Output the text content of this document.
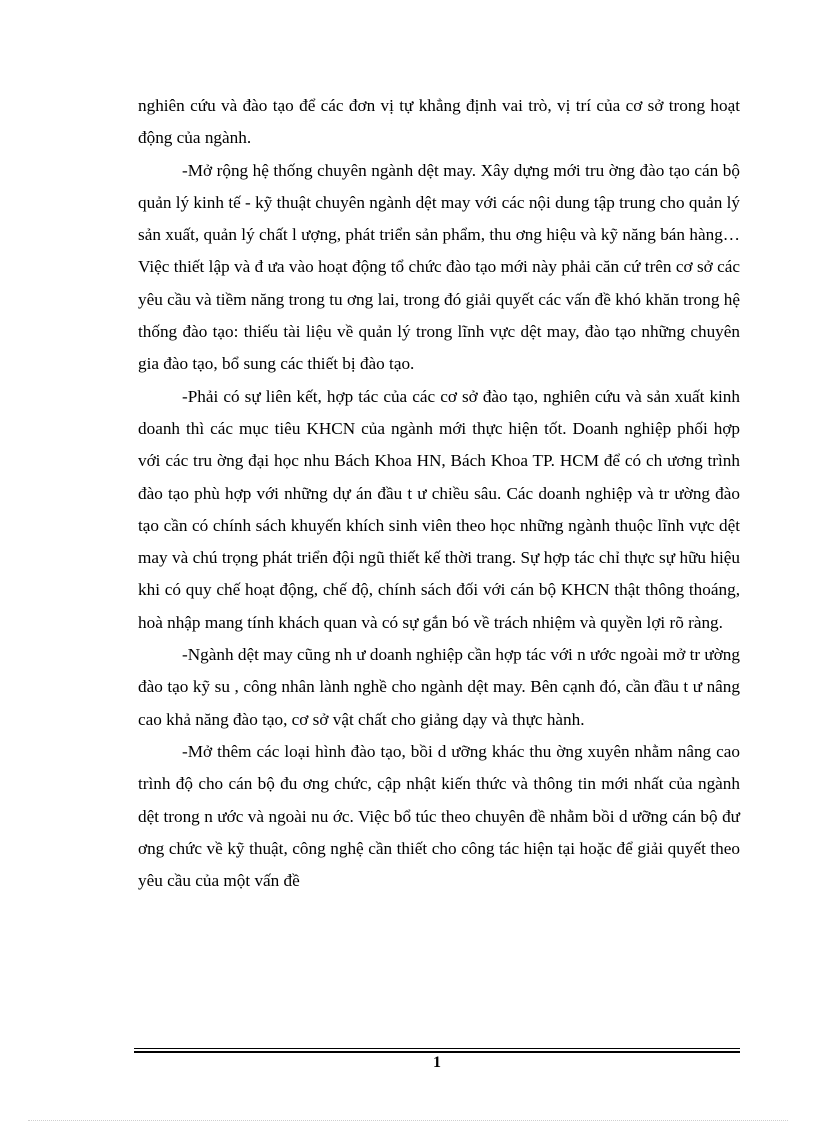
nghiên cứu và đào tạo để các đơn vị tự khẳng định vai trò, vị trí của cơ sở trong hoạt động của ngành.

-Mở rộng hệ thống chuyên ngành dệt may. Xây dựng mới tru ờng đào tạo cán bộ quản lý kinh tế - kỹ thuật chuyên ngành dệt may với các nội dung tập trung cho quản lý sản xuất, quản lý chất l ượng, phát triển sản phẩm, thu ơng hiệu và kỹ năng bán hàng…Việc thiết lập và đ ưa vào hoạt động tổ chức đào tạo mới này phải căn cứ trên cơ sở các yêu cầu và tiềm năng trong tu ơng lai, trong đó giải quyết các vấn đề khó khăn trong hệ thống đào tạo: thiếu tài liệu về quản lý trong lĩnh vực dệt may, đào tạo những chuyên gia đào tạo, bổ sung các thiết bị đào tạo.

-Phải có sự liên kết, hợp tác của các cơ sở đào tạo, nghiên cứu và sản xuất kinh doanh thì các mục tiêu KHCN của ngành mới thực hiện tốt. Doanh nghiệp phối hợp với các tru ờng đại học nhu Bách Khoa HN, Bách Khoa TP. HCM để có ch ương trình đào tạo phù hợp với những dự án đầu t ư chiều sâu. Các doanh nghiệp và tr ường đào tạo cần có chính sách khuyến khích sinh viên theo học những ngành thuộc lĩnh vực dệt may và chú trọng phát triển đội ngũ thiết kế thời trang. Sự hợp tác chỉ thực sự hữu hiệu khi có quy chế hoạt động, chế độ, chính sách đối với cán bộ KHCN thật thông thoáng, hoà nhập mang tính khách quan và có sự gắn bó về trách nhiệm và quyền lợi rõ ràng.

-Ngành dệt may cũng nh ư doanh nghiệp cần hợp tác với n ước ngoài mở tr ường đào tạo kỹ su , công nhân lành nghề cho ngành dệt may. Bên cạnh đó, cần đầu t ư nâng cao khả năng đào tạo, cơ sở vật chất cho giảng dạy và thực hành.

-Mở thêm các loại hình đào tạo, bồi d ưỡng khác thu ờng xuyên nhằm nâng cao trình độ cho cán bộ đu ơng chức, cập nhật kiến thức và thông tin mới nhất của ngành dệt trong n ước và ngoài nu ớc. Việc bổ túc theo chuyên đề nhằm bồi d ưỡng cán bộ đư ơng chức về kỹ thuật, công nghệ cần thiết cho công tác hiện tại hoặc để giải quyết theo yêu cầu của một vấn đề

1
